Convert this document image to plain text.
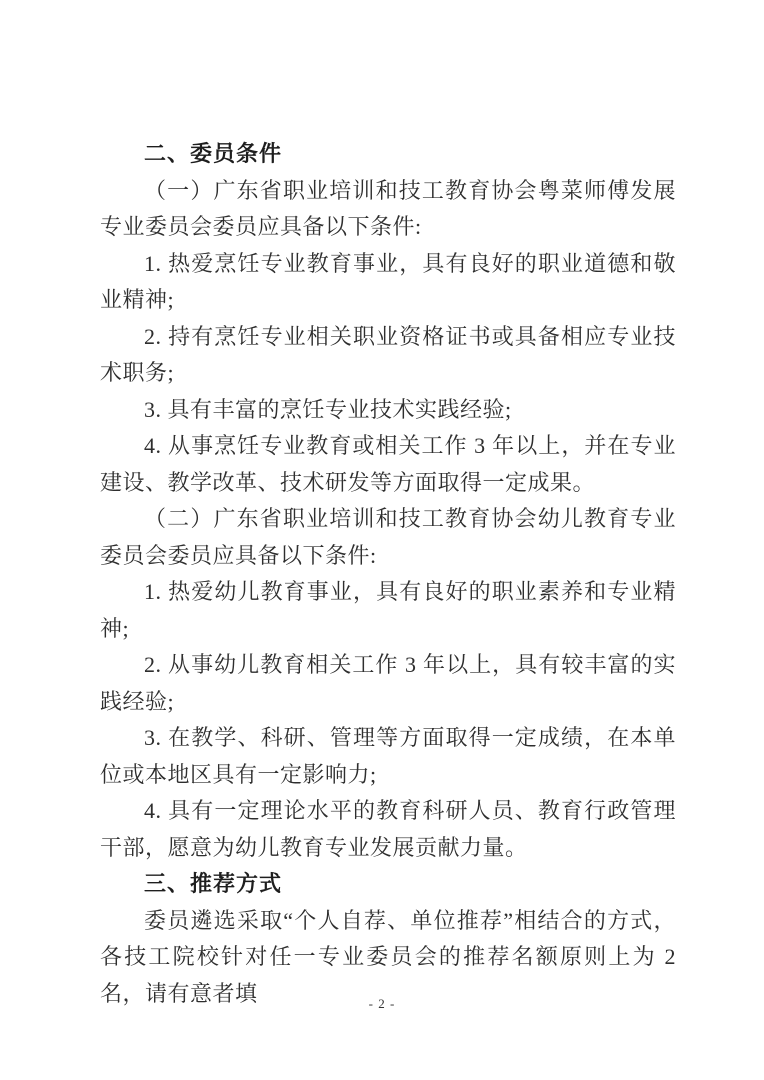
二、委员条件

（一）广东省职业培训和技工教育协会粤菜师傅发展专业委员会委员应具备以下条件:

1. 热爱烹饪专业教育事业，具有良好的职业道德和敬业精神;

2. 持有烹饪专业相关职业资格证书或具备相应专业技术职务;

3. 具有丰富的烹饪专业技术实践经验;

4. 从事烹饪专业教育或相关工作 3 年以上，并在专业建设、教学改革、技术研发等方面取得一定成果。

（二）广东省职业培训和技工教育协会幼儿教育专业委员会委员应具备以下条件:

1. 热爱幼儿教育事业，具有良好的职业素养和专业精神;

2. 从事幼儿教育相关工作 3 年以上，具有较丰富的实践经验;

3. 在教学、科研、管理等方面取得一定成绩，在本单位或本地区具有一定影响力;

4. 具有一定理论水平的教育科研人员、教育行政管理干部，愿意为幼儿教育专业发展贡献力量。

三、推荐方式

委员遴选采取“个人自荐、单位推荐”相结合的方式，各技工院校针对任一专业委员会的推荐名额原则上为 2 名，请有意者填	- 2 -
